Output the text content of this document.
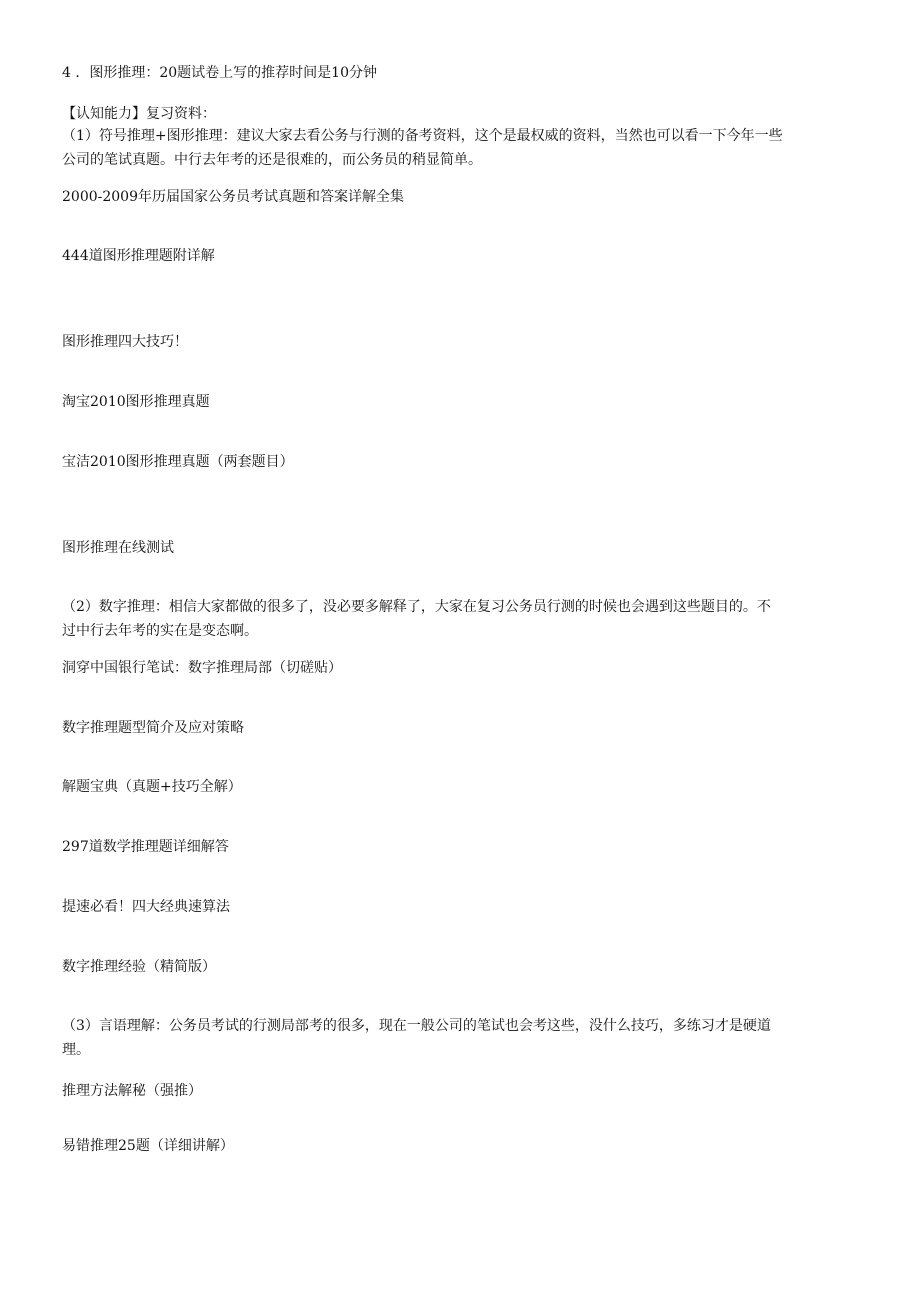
4 ．图形推理：20题试卷上写的推荐时间是10分钟
【认知能力】复习资料：
（1）符号推理+图形推理：建议大家去看公务与行测的备考资料，这个是最权威的资料，当然也可以看一下今年一些
公司的笔试真题。中行去年考的还是很难的，而公务员的稍显简单。
2000-2009年历届国家公务员考试真题和答案详解全集
444道图形推理题附详解
图形推理四大技巧！
淘宝2010图形推理真题
宝洁2010图形推理真题（两套题目）
图形推理在线测试
（2）数字推理：相信大家都做的很多了，没必要多解释了，大家在复习公务员行测的时候也会遇到这些题目的。不
过中行去年考的实在是变态啊。
洞穿中国银行笔试：数字推理局部（切磋贴）
数字推理题型简介及应对策略
解题宝典（真题+技巧全解）
297道数学推理题详细解答
提速必看！四大经典速算法
数字推理经验（精简版）
（3）言语理解：公务员考试的行测局部考的很多，现在一般公司的笔试也会考这些，没什么技巧，多练习才是硬道
理。
推理方法解秘（强推）
易错推理25题（详细讲解）
